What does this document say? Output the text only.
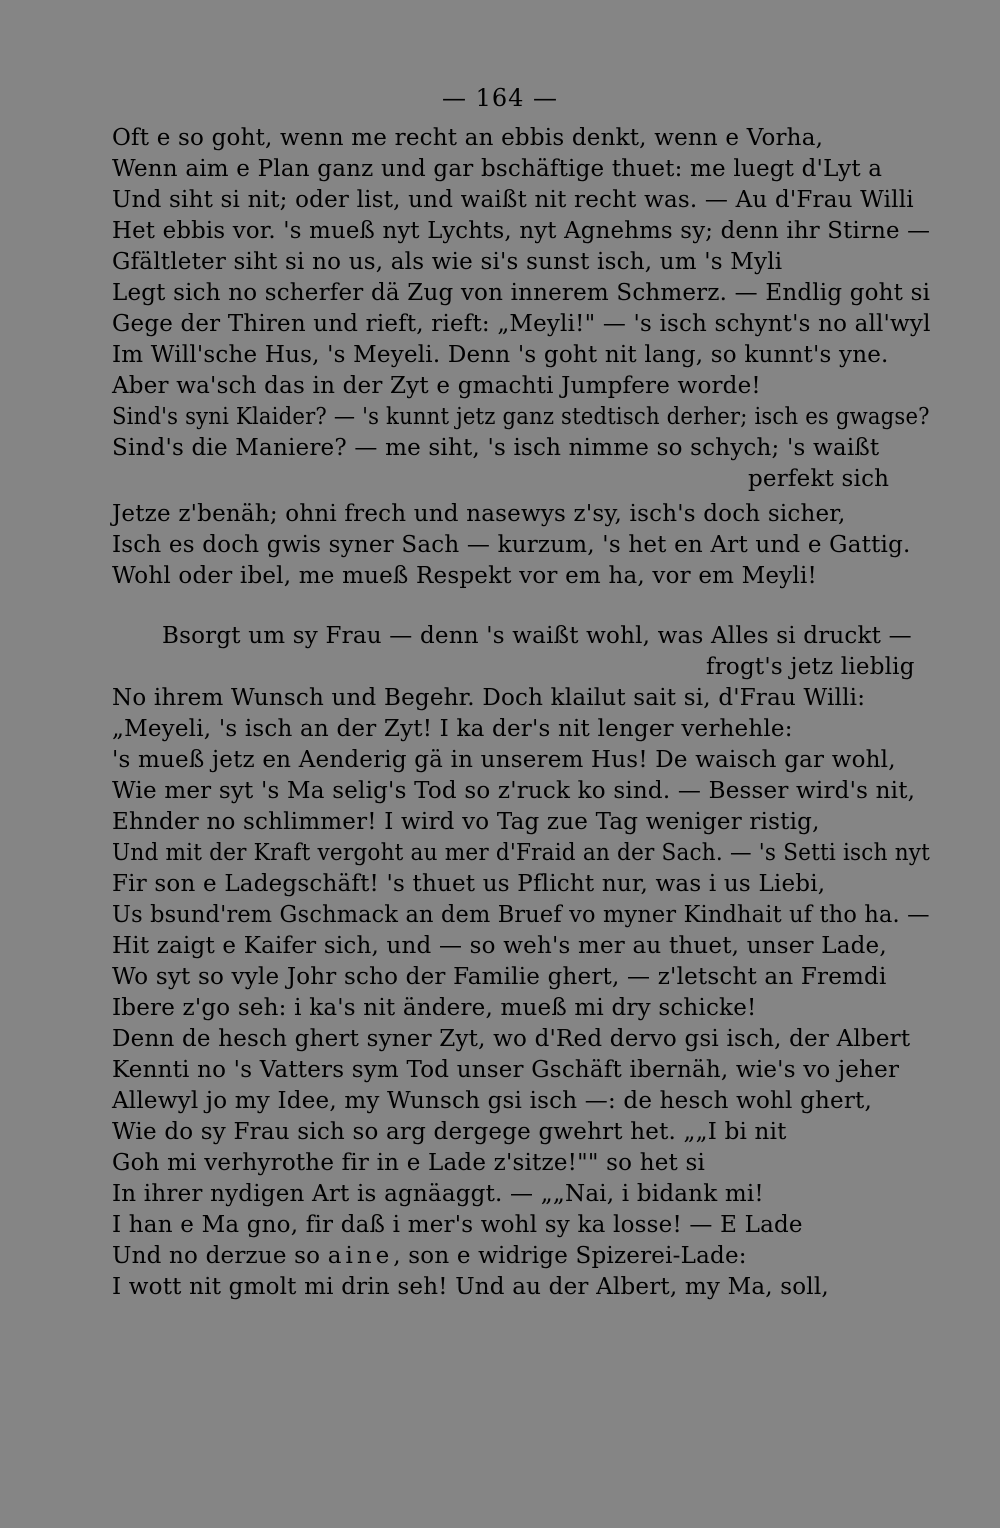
— 164 —
Oft e so goht, wenn me recht an ebbis denkt, wenn e Vorha,
Wenn aim e Plan ganz und gar bschäftige thuet: me luegt d'Lyt a
Und siht si nit; oder list, und waißt nit recht was. — Au d'Frau Willi
Het ebbis vor. 's mueß nyt Lychts, nyt Agnehms sy; denn ihr Stirne —
Gfältleter siht si no us, als wie si's sunst isch, um 's Myli
Legt sich no scherfer dä Zug von innerem Schmerz. — Endlig goht si
Gege der Thiren und rieft, rieft: „Meyli!" — 's isch schynt's no all'wyl
Im Will'sche Hus, 's Meyeli. Denn 's goht nit lang, so kunnt's yne.
Aber wa'sch das in der Zyt e gmachti Jumpfere worde!
Sind's syni Klaider? — 's kunnt jetz ganz stedtisch derher; isch es gwagse?
Sind's die Maniere? — me siht, 's isch nimme so schych; 's waißt
perfekt sich
Jetze z'benäh; ohni frech und nasewys z'sy, isch's doch sicher,
Isch es doch gwis syner Sach — kurzum, 's het en Art und e Gattig.
Wohl oder ibel, me mueß Respekt vor em ha, vor em Meyli!
Bsorgt um sy Frau — denn 's waißt wohl, was Alles si druckt —
frogt's jetz lieblig
No ihrem Wunsch und Begehr. Doch klailut sait si, d'Frau Willi:
„Meyeli, 's isch an der Zyt! I ka der's nit lenger verhehle:
's mueß jetz en Aenderig gä in unserem Hus! De waisch gar wohl,
Wie mer syt 's Ma selig's Tod so z'ruck ko sind. — Besser wird's nit,
Ehnder no schlimmer! I wird vo Tag zue Tag weniger ristig,
Und mit der Kraft vergoht au mer d'Fraid an der Sach. — 's Setti isch nyt
Fir son e Ladegschäft! 's thuet us Pflicht nur, was i us Liebi,
Us bsund'rem Gschmack an dem Bruef vo myner Kindhait uf tho ha. —
Hit zaigt e Kaifer sich, und — so weh's mer au thuet, unser Lade,
Wo syt so vyle Johr scho der Familie ghert, — z'letscht an Fremdi
Ibere z'go seh: i ka's nit ändere, mueß mi dry schicke!
Denn de hesch ghert syner Zyt, wo d'Red dervo gsi isch, der Albert
Kennti no 's Vatters sym Tod unser Gschäft ibernäh, wie's vo jeher
Allewyl jo my Idee, my Wunsch gsi isch —: de hesch wohl ghert,
Wie do sy Frau sich so arg dergege gwehrt het. „„I bi nit
Goh mi verhyrothe fir in e Lade z'sitze!"" so het si
In ihrer nydigen Art is agnäaggt. — „„Nai, i bidank mi!
I han e Ma gno, fir daß i mer's wohl sy ka losse! — E Lade
Und no derzue so aine, son e widrige Spizerei-Lade:
I wott nit gmolt mi drin seh! Und au der Albert, my Ma, soll,
